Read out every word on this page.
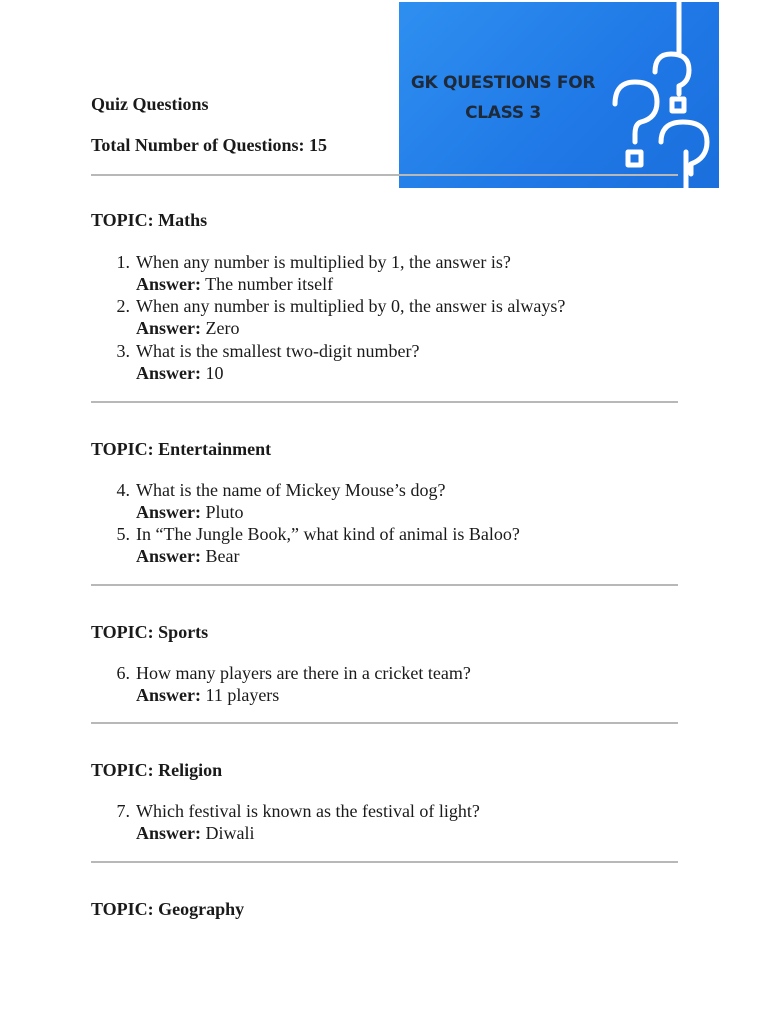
GK QUESTIONS FOR
CLASS 3
Quiz Questions
Total Number of Questions: 15
TOPIC: Maths
1. When any number is multiplied by 1, the answer is?
Answer: The number itself
2. When any number is multiplied by 0, the answer is always?
Answer: Zero
3. What is the smallest two-digit number?
Answer: 10
TOPIC: Entertainment
4. What is the name of Mickey Mouse’s dog?
Answer: Pluto
5. In “The Jungle Book,” what kind of animal is Baloo?
Answer: Bear
TOPIC: Sports
6. How many players are there in a cricket team?
Answer: 11 players
TOPIC: Religion
7. Which festival is known as the festival of light?
Answer: Diwali
TOPIC: Geography
